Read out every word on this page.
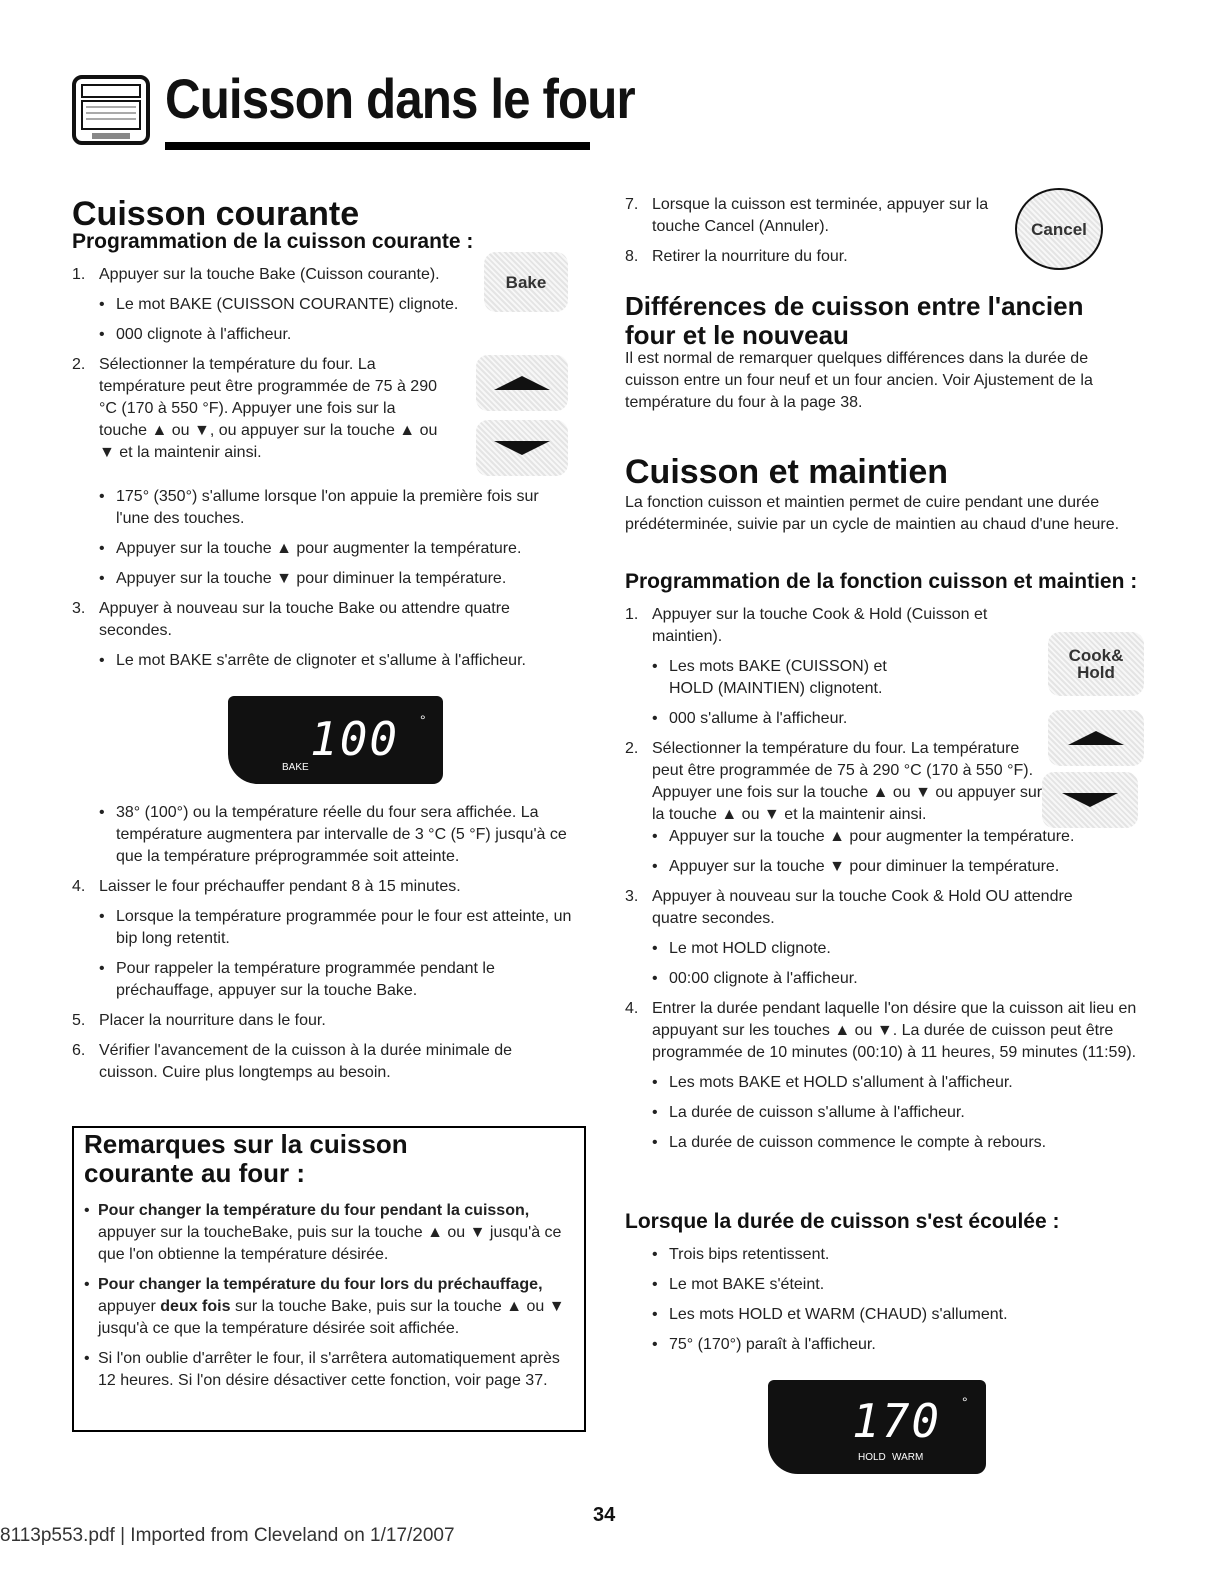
Cuisson dans le four
Cuisson courante
Programmation de la cuisson courante :
1. Appuyer sur la touche Bake (Cuisson courante).
• Le mot BAKE (CUISSON COURANTE) clignote.
• 000 clignote à l'afficheur.
2. Sélectionner la température du four. La température peut être programmée de 75 à 290 °C (170 à 550 °F). Appuyer une fois sur la touche ▲ ou ▼, ou appuyer sur la touche ▲ ou ▼ et la maintenir ainsi.
Bake
• 175° (350°) s'allume lorsque l'on appuie la première fois sur l'une des touches.
• Appuyer sur la touche ▲ pour augmenter la température.
• Appuyer sur la touche ▼ pour diminuer la température.
3. Appuyer à nouveau sur la touche Bake ou attendre quatre secondes.
• Le mot BAKE s'arrête de clignoter et s'allume à l'afficheur.
100 °
BAKE
• 38° (100°) ou la température réelle du four sera affichée. La température augmentera par intervalle de 3 °C (5 °F) jusqu'à ce que la température préprogrammée soit atteinte.
4. Laisser le four préchauffer pendant 8 à 15 minutes.
• Lorsque la température programmée pour le four est atteinte, un bip long retentit.
• Pour rappeler la température programmée pendant le préchauffage, appuyer sur la touche Bake.
5. Placer la nourriture dans le four.
6. Vérifier l'avancement de la cuisson à la durée minimale de cuisson. Cuire plus longtemps au besoin.
Remarques sur la cuisson courante au four :
• Pour changer la température du four pendant la cuisson, appuyer sur la toucheBake, puis sur la touche ▲ ou ▼ jusqu'à ce que l'on obtienne la température désirée.
• Pour changer la température du four lors du préchauffage, appuyer deux fois sur la touche Bake, puis sur la touche ▲ ou ▼ jusqu'à ce que la température désirée soit affichée.
• Si l'on oublie d'arrêter le four, il s'arrêtera automatiquement après 12 heures. Si l'on désire désactiver cette fonction, voir page 37.
7. Lorsque la cuisson est terminée, appuyer sur la touche Cancel (Annuler).
8. Retirer la nourriture du four.
Cancel
Différences de cuisson entre l'ancien four et le nouveau
Il est normal de remarquer quelques différences dans la durée de cuisson entre un four neuf et un four ancien. Voir Ajustement de la température du four à la page 38.
Cuisson et maintien
La fonction cuisson et maintien permet de cuire pendant une durée prédéterminée, suivie par un cycle de maintien au chaud d'une heure.
Programmation de la fonction cuisson et maintien :
1. Appuyer sur la touche Cook & Hold (Cuisson et maintien).
• Les mots BAKE (CUISSON) et HOLD (MAINTIEN) clignotent.
• 000 s'allume à l'afficheur.
2. Sélectionner la température du four. La température peut être programmée de 75 à 290 °C (170 à 550 °F). Appuyer une fois sur la touche ▲ ou ▼ ou appuyer sur la touche ▲ ou ▼ et la maintenir ainsi.
Cook&
Hold
• Appuyer sur la touche ▲ pour augmenter la température.
• Appuyer sur la touche ▼ pour diminuer la température.
3. Appuyer à nouveau sur la touche Cook & Hold OU attendre quatre secondes.
• Le mot HOLD clignote.
• 00:00 clignote à l'afficheur.
4. Entrer la durée pendant laquelle l'on désire que la cuisson ait lieu en appuyant sur les touches ▲ ou ▼. La durée de cuisson peut être programmée de 10 minutes (00:10) à 11 heures, 59 minutes (11:59).
• Les mots BAKE et HOLD s'allument à l'afficheur.
• La durée de cuisson s'allume à l'afficheur.
• La durée de cuisson commence le compte à rebours.
Lorsque la durée de cuisson s'est écoulée :
• Trois bips retentissent.
• Le mot BAKE s'éteint.
• Les mots HOLD et WARM (CHAUD) s'allument.
• 75° (170°) paraît à l'afficheur.
170 °
HOLD WARM
34
8113p553.pdf | Imported from Cleveland on 1/17/2007
